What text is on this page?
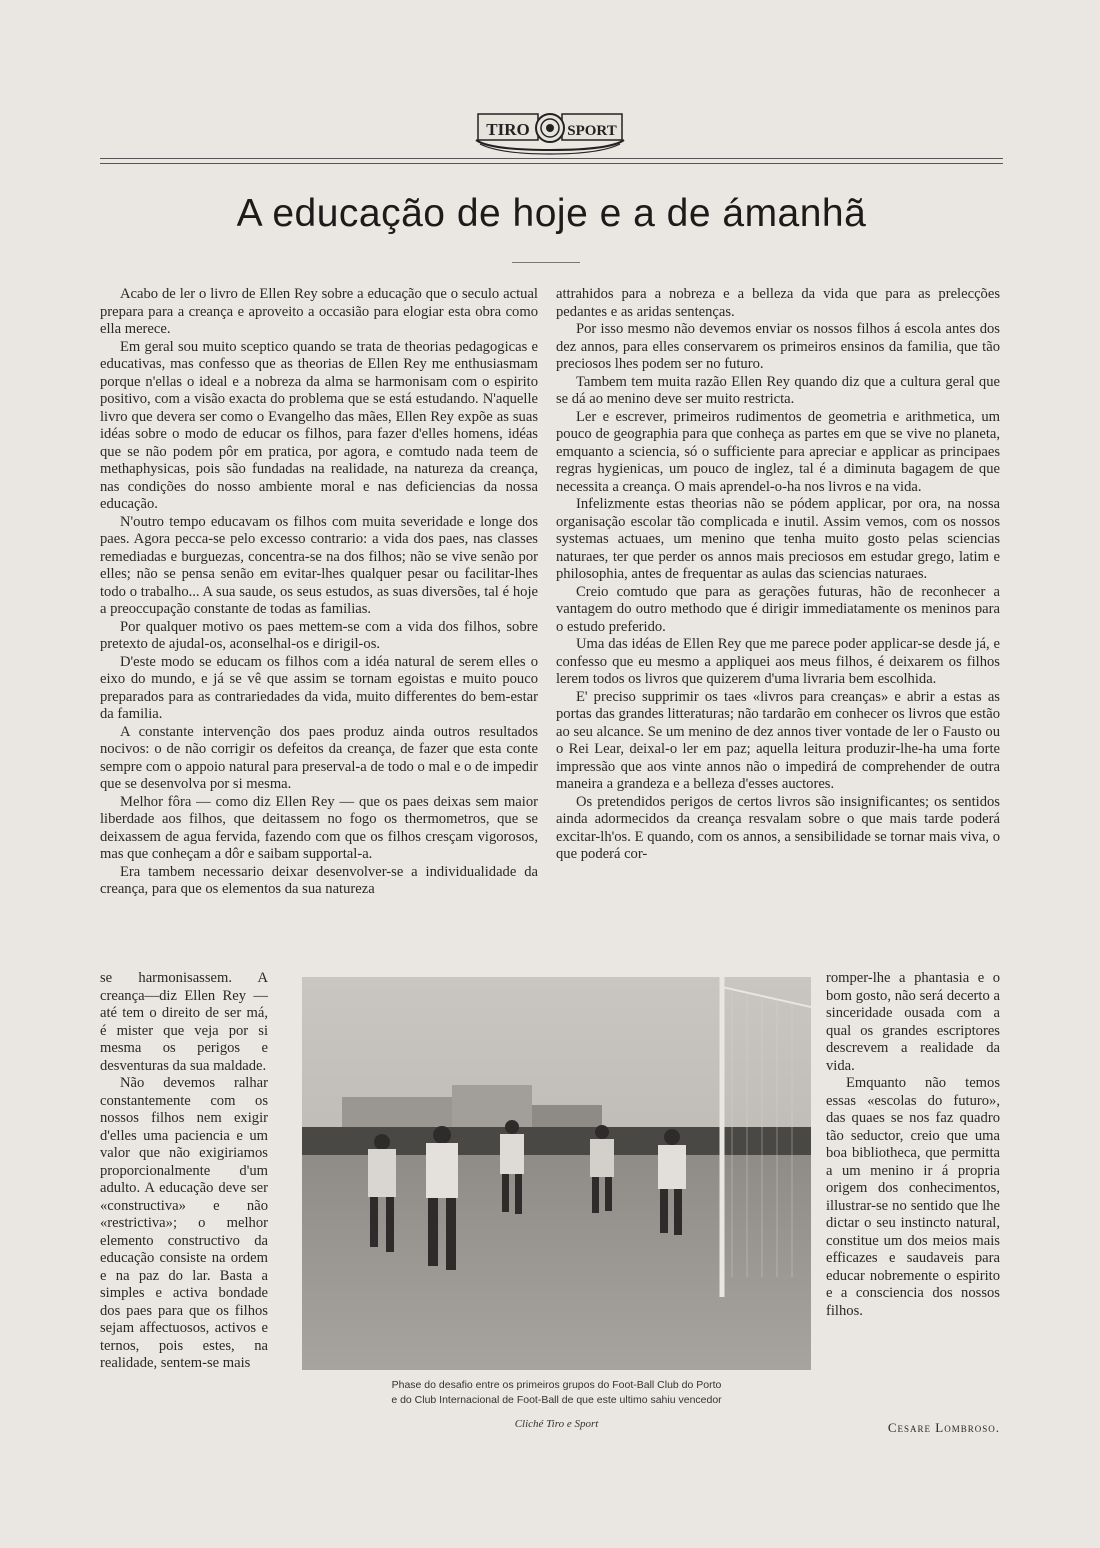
TIRO	SPORT
A educação de hoje e a de ámanhã

Acabo de ler o livro de Ellen Rey sobre a educação que o seculo actual prepara para a creança e aproveito a occasião para elogiar esta obra como ella merece.

Em geral sou muito sceptico quando se trata de theorias pedagogicas e educativas, mas confesso que as theorias de Ellen Rey me enthusiasmam porque n'ellas o ideal e a nobreza da alma se harmonisam com o espirito positivo, com a visão exacta do problema que se está estudando. N'aquelle livro que devera ser como o Evangelho das mães, Ellen Rey expõe as suas idéas sobre o modo de educar os filhos, para fazer d'elles homens, idéas que se não podem pôr em pratica, por agora, e comtudo nada teem de methaphysicas, pois são fundadas na realidade, na natureza da creança, nas condições do nosso ambiente moral e nas deficiencias da nossa educação.

N'outro tempo educavam os filhos com muita severidade e longe dos paes. Agora pecca-se pelo excesso contrario: a vida dos paes, nas classes remediadas e burguezas, concentra-se na dos filhos; não se vive senão por elles; não se pensa senão em evitar-lhes qualquer pesar ou facilitar-lhes todo o trabalho... A sua saude, os seus estudos, as suas diversões, tal é hoje a preoccupação constante de todas as familias.

Por qualquer motivo os paes mettem-se com a vida dos filhos, sobre pretexto de ajudal-os, aconselhal-os e dirigil-os.

D'este modo se educam os filhos com a idéa natural de serem elles o eixo do mundo, e já se vê que assim se tornam egoistas e muito pouco preparados para as contrariedades da vida, muito differentes do bem-estar da familia.

A constante intervenção dos paes produz ainda outros resultados nocivos: o de não corrigir os defeitos da creança, de fazer que esta conte sempre com o appoio natural para preserval-a de todo o mal e o de impedir que se desenvolva por si mesma.

Melhor fôra — como diz Ellen Rey — que os paes deixas sem maior liberdade aos filhos, que deitassem no fogo os thermometros, que se deixassem de agua fervida, fazendo com que os filhos cresçam vigorosos, mas que conheçam a dôr e saibam supportal-a.

Era tambem necessario deixar desenvolver-se a individualidade da creança, para que os elementos da sua natureza

attrahidos para a nobreza e a belleza da vida que para as prelecções pedantes e as aridas sentenças.

Por isso mesmo não devemos enviar os nossos filhos á escola antes dos dez annos, para elles conservarem os primeiros ensinos da familia, que tão preciosos lhes podem ser no futuro.

Tambem tem muita razão Ellen Rey quando diz que a cultura geral que se dá ao menino deve ser muito restricta.

Ler e escrever, primeiros rudimentos de geometria e arithmetica, um pouco de geographia para que conheça as partes em que se vive no planeta, emquanto a sciencia, só o sufficiente para apreciar e applicar as principaes regras hygienicas, um pouco de inglez, tal é a diminuta bagagem de que necessita a creança. O mais aprendel-o-ha nos livros e na vida.

Infelizmente estas theorias não se pódem applicar, por ora, na nossa organisação escolar tão complicada e inutil. Assim vemos, com os nossos systemas actuaes, um menino que tenha muito gosto pelas sciencias naturaes, ter que perder os annos mais preciosos em estudar grego, latim e philosophia, antes de frequentar as aulas das sciencias naturaes.

Creio comtudo que para as gerações futuras, hão de reconhecer a vantagem do outro methodo que é dirigir immediatamente os meninos para o estudo preferido.

Uma das idéas de Ellen Rey que me parece poder applicar-se desde já, e confesso que eu mesmo a appliquei aos meus filhos, é deixarem os filhos lerem todos os livros que quizerem d'uma livraria bem escolhida.

E' preciso supprimir os taes «livros para creanças» e abrir a estas as portas das grandes litteraturas; não tardarão em conhecer os livros que estão ao seu alcance. Se um menino de dez annos tiver vontade de ler o Fausto ou o Rei Lear, deixal-o ler em paz; aquella leitura produzir-lhe-ha uma forte impressão que aos vinte annos não o impedirá de comprehender de outra maneira a grandeza e a belleza d'esses auctores.

Os pretendidos perigos de certos livros são insignificantes; os sentidos ainda adormecidos da creança resvalam sobre o que mais tarde poderá excitar-lh'os. E quando, com os annos, a sensibilidade se tornar mais viva, o que poderá cor-

se harmonisassem. A creança—diz Ellen Rey — até tem o direito de ser má, é mister que veja por si mesma os perigos e desventuras da sua maldade.

Não devemos ralhar constantemente com os nossos filhos nem exigir d'elles uma paciencia e um valor que não exigiriamos proporcionalmente d'um adulto. A educação deve ser «constructiva» e não «restrictiva»; o melhor elemento constructivo da educação consiste na ordem e na paz do lar. Basta a simples e activa bondade dos paes para que os filhos sejam affectuosos, activos e ternos, pois estes, na realidade, sentem-se mais

romper-lhe a phantasia e o bom gosto, não será decerto a sinceridade ousada com a qual os grandes escriptores descrevem a realidade da vida.

Emquanto não temos essas «escolas do futuro», das quaes se nos faz quadro tão seductor, creio que uma boa bibliotheca, que permitta a um menino ir á propria origem dos conhecimentos, illustrar-se no sentido que lhe dictar o seu instincto natural, constitue um dos meios mais efficazes e saudaveis para educar nobremente o espirito e a consciencia dos nossos filhos.

Phase do desafio entre os primeiros grupos do Foot-Ball Club do Porto
e do Club Internacional de Foot-Ball de que este ultimo sahiu vencedor
Cliché Tiro e Sport	Cesare Lombroso.
